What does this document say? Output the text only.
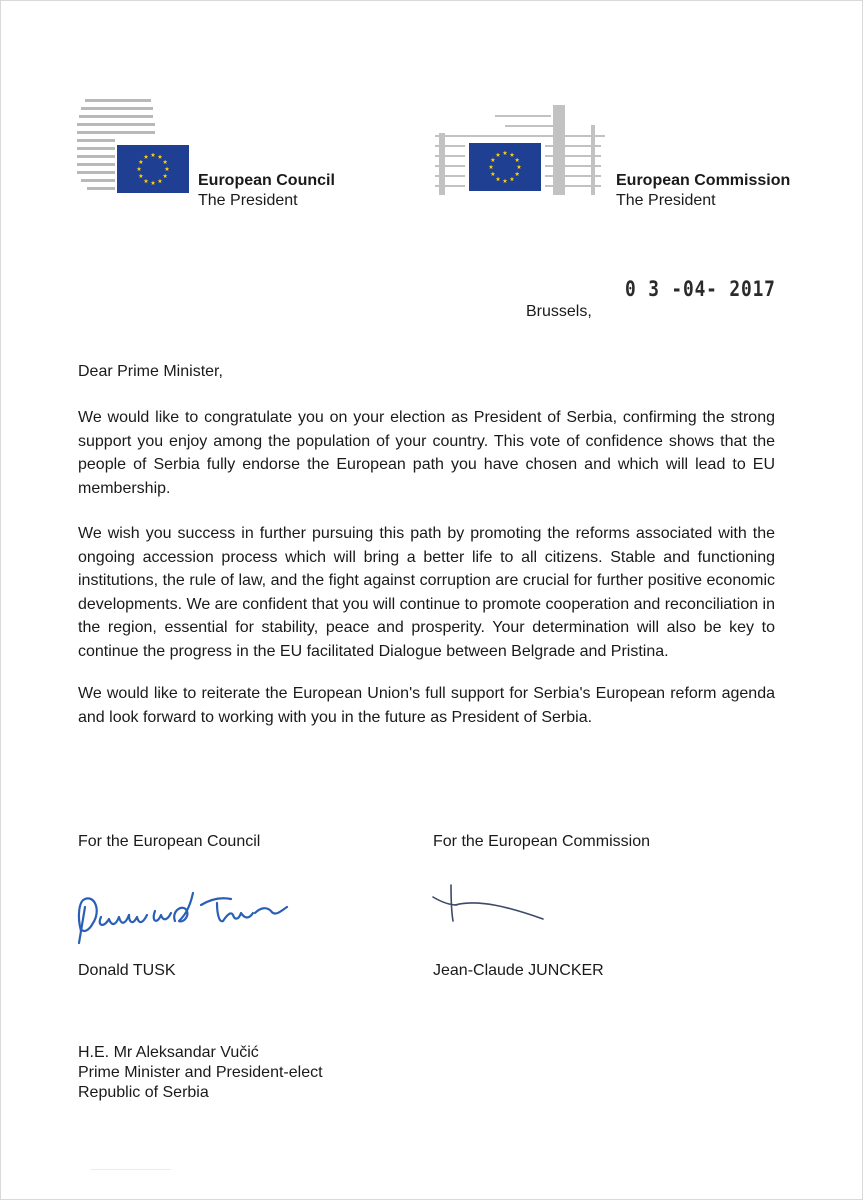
European Council
The President
European Commission
The President
0 3 -04- 2017
Brussels,
Dear Prime Minister,
We would like to congratulate you on your election as President of Serbia, confirming the strong support you enjoy among the population of your country. This vote of confidence shows that the people of Serbia fully endorse the European path you have chosen and which will lead to EU membership.
We wish you success in further pursuing this path by promoting the reforms associated with the ongoing accession process which will bring a better life to all citizens. Stable and functioning institutions, the rule of law, and the fight against corruption are crucial for further positive economic developments. We are confident that you will continue to promote cooperation and reconciliation in the region, essential for stability, peace and prosperity. Your determination will also be key to continue the progress in the EU facilitated Dialogue between Belgrade and Pristina.
We would like to reiterate the European Union's full support for Serbia's European reform agenda and look forward to working with you in the future as President of Serbia.
For the European Council	For the European Commission
Donald TUSK	Jean-Claude JUNCKER
H.E. Mr Aleksandar Vučić
Prime Minister and President-elect
Republic of Serbia
